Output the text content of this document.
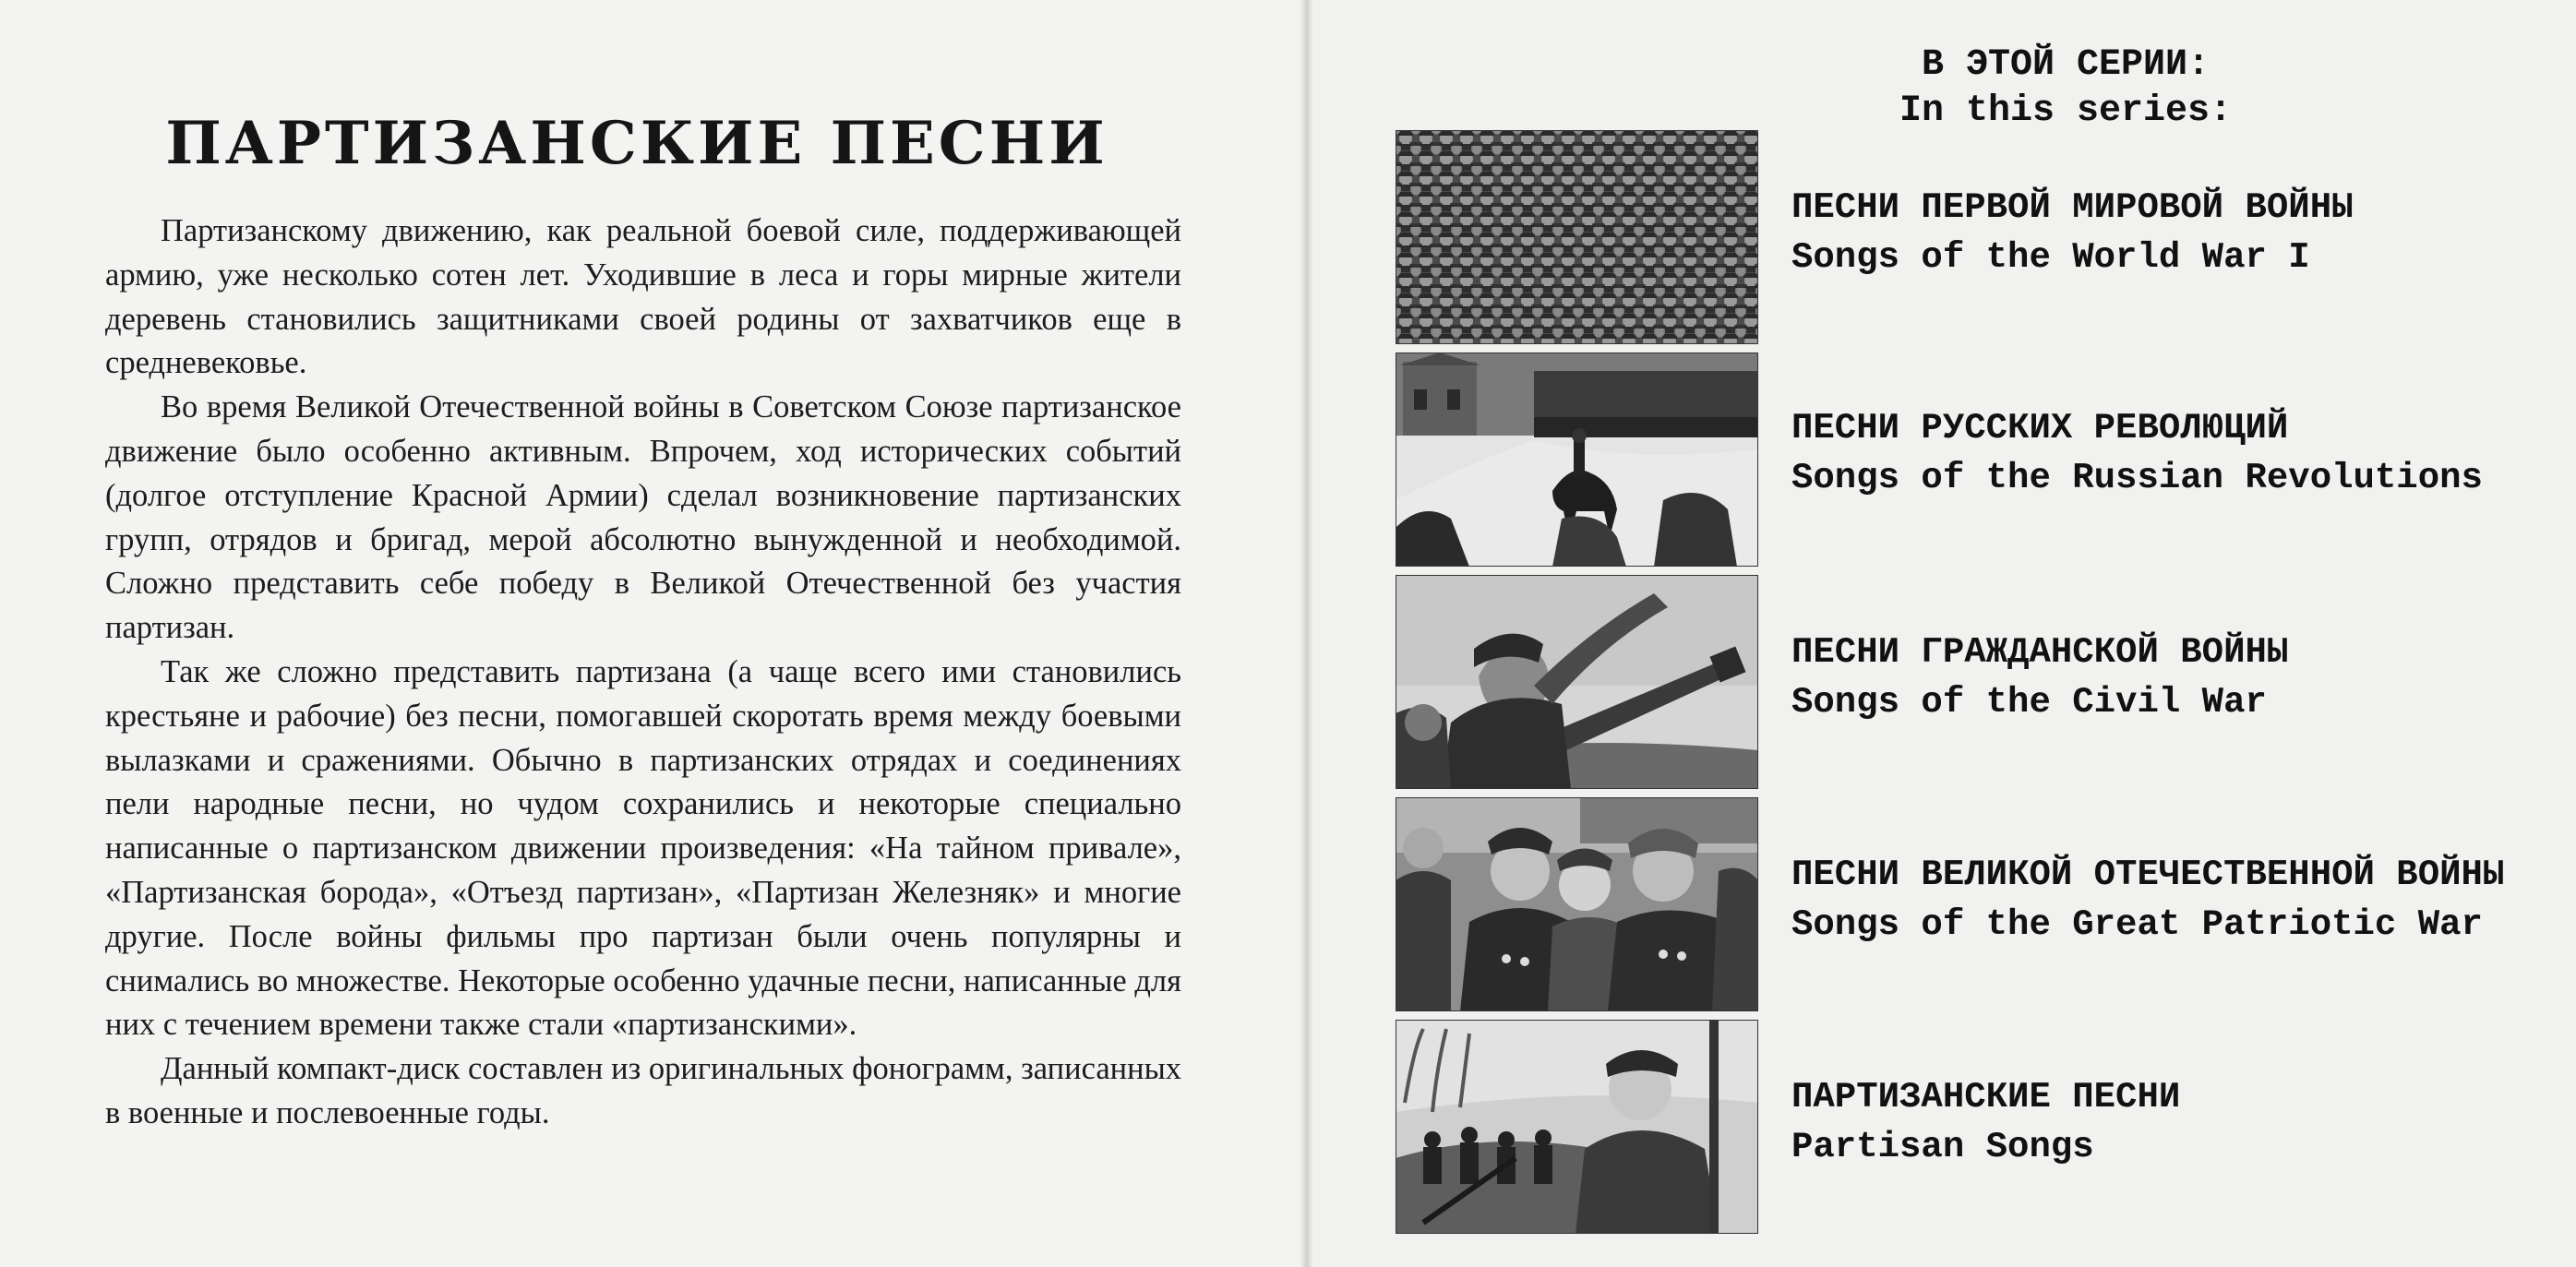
ПАРТИЗАНСКИЕ ПЕСНИ

Партизанскому движению, как реальной боевой силе, поддерживающей армию, уже несколько сотен лет. Уходившие в леса и горы мирные жители деревень становились защитниками своей родины от захватчиков еще в средневековье.

Во время Великой Отечественной войны в Советском Союзе партизанское движение было особенно активным. Впрочем, ход исторических событий (долгое отступление Красной Армии) сделал возникновение партизанских групп, отрядов и бригад, мерой абсолютно вынужденной и необходимой. Сложно представить себе победу в Великой Отечественной без участия партизан.

Так же сложно представить партизана (а чаще всего ими становились крестьяне и рабочие) без песни, помогавшей скоротать время между боевыми вылазками и сражениями. Обычно в партизанских отрядах и соединениях пели народные песни, но чудом сохранились и некоторые специально написанные о партизанском движении произведения: «На тайном привале», «Партизанская борода», «Отъезд партизан», «Партизан Железняк» и многие другие. После войны фильмы про партизан были очень популярны и снимались во множестве. Некоторые особенно удачные песни, написанные для них с течением времени также стали «партизанскими».

Данный компакт-диск составлен из оригинальных фонограмм, записанных в военные и послевоенные годы.

В ЭТОЙ СЕРИИ:
In this series:
ПЕСНИ ПЕРВОЙ МИРОВОЙ ВОЙНЫ
Songs of the World War I
ПЕСНИ РУССКИХ РЕВОЛЮЦИЙ
Songs of the Russian Revolutions
ПЕСНИ ГРАЖДАНСКОЙ ВОЙНЫ
Songs of the Civil War
ПЕСНИ ВЕЛИКОЙ ОТЕЧЕСТВЕННОЙ ВОЙНЫ
Songs of the Great Patriotic War
ПАРТИЗАНСКИЕ ПЕСНИ
Partisan Songs
